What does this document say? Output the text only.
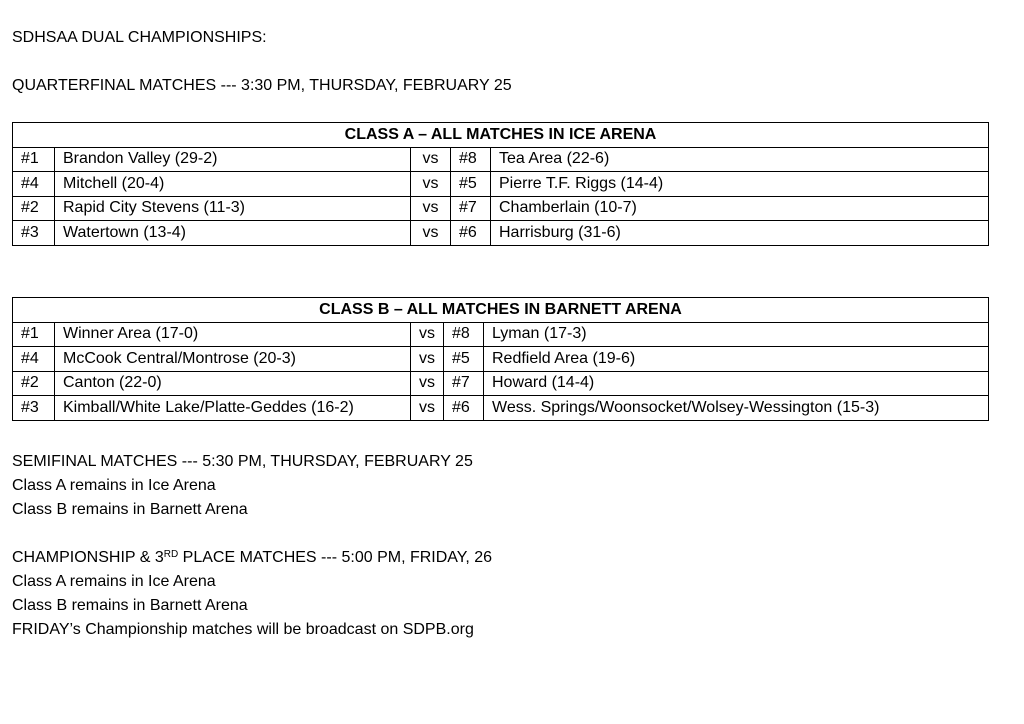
SDHSAA DUAL CHAMPIONSHIPS:
QUARTERFINAL MATCHES --- 3:30 PM, THURSDAY, FEBRUARY 25
CLASS A – ALL MATCHES IN ICE ARENA				
#1	Brandon Valley (29-2)	vs	#8	Tea Area (22-6)
#4	Mitchell (20-4)	vs	#5	Pierre T.F. Riggs (14-4)
#2	Rapid City Stevens (11-3)	vs	#7	Chamberlain (10-7)
#3	Watertown (13-4)	vs	#6	Harrisburg (31-6)
CLASS B – ALL MATCHES IN BARNETT ARENA				
#1	Winner Area (17-0)	vs	#8	Lyman (17-3)
#4	McCook Central/Montrose (20-3)	vs	#5	Redfield Area (19-6)
#2	Canton (22-0)	vs	#7	Howard (14-4)
#3	Kimball/White Lake/Platte-Geddes (16-2)	vs	#6	Wess. Springs/Woonsocket/Wolsey-Wessington (15-3)
SEMIFINAL MATCHES --- 5:30 PM, THURSDAY, FEBRUARY 25
Class A remains in Ice Arena
Class B remains in Barnett Arena
CHAMPIONSHIP & 3RD PLACE MATCHES --- 5:00 PM, FRIDAY, 26
Class A remains in Ice Arena
Class B remains in Barnett Arena
FRIDAY’s Championship matches will be broadcast on SDPB.org
